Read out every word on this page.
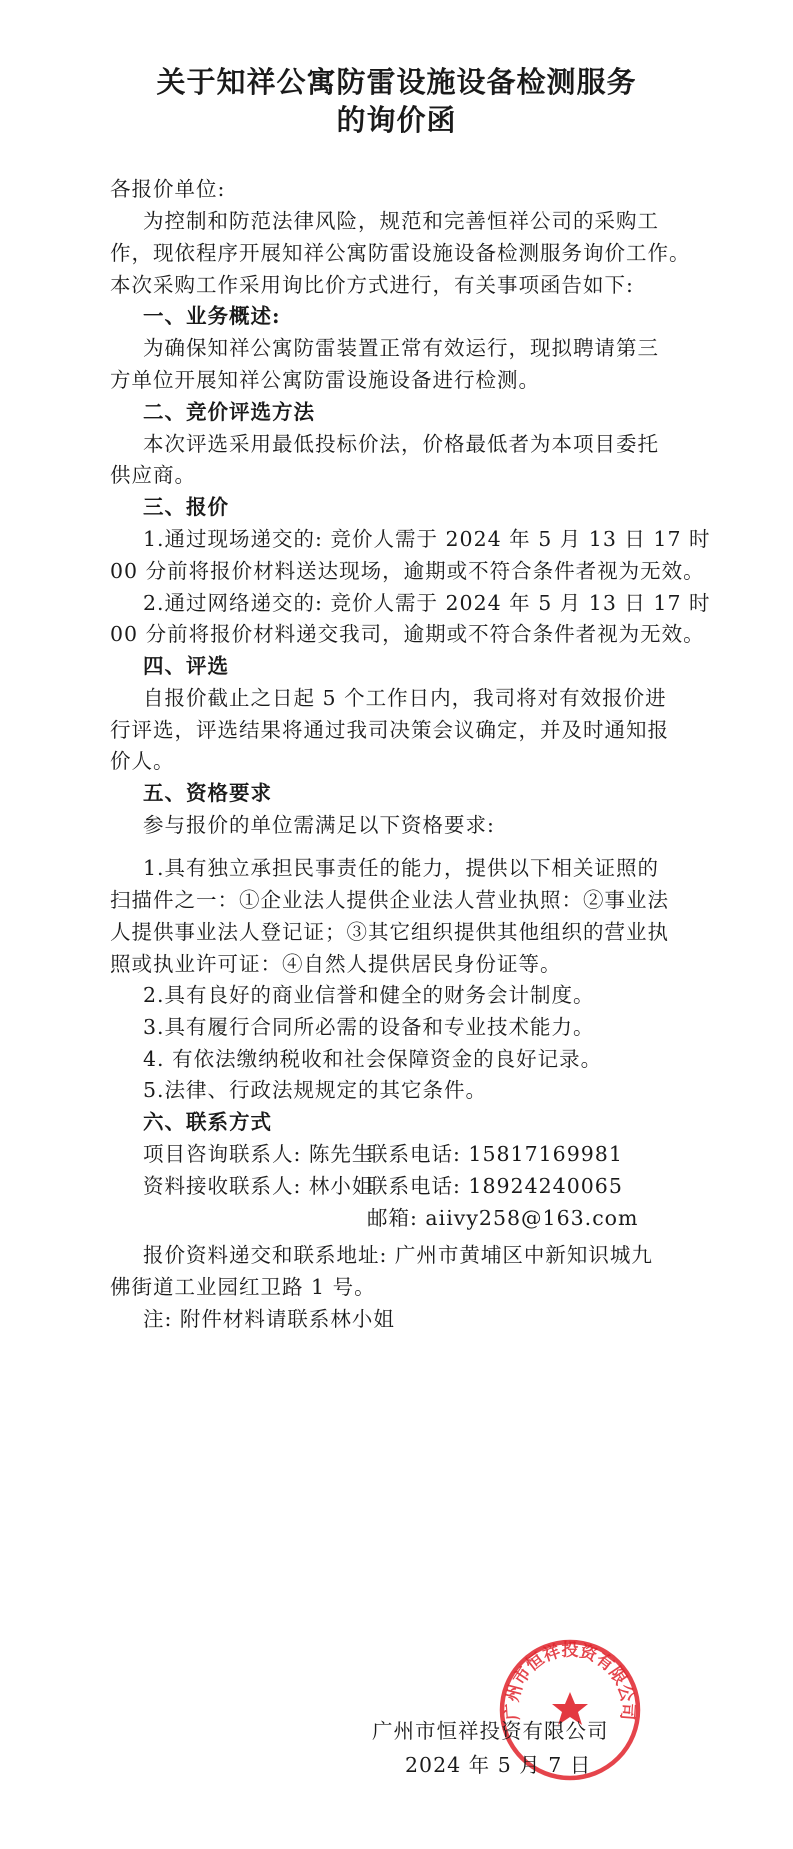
关于知祥公寓防雷设施设备检测服务
的询价函
各报价单位:
为控制和防范法律风险，规范和完善恒祥公司的采购工
作，现依程序开展知祥公寓防雷设施设备检测服务询价工作。
本次采购工作采用询比价方式进行，有关事项函告如下:
一、业务概述:
为确保知祥公寓防雷装置正常有效运行，现拟聘请第三
方单位开展知祥公寓防雷设施设备进行检测。
二、竞价评选方法
本次评选采用最低投标价法，价格最低者为本项目委托
供应商。
三、报价
1.通过现场递交的: 竞价人需于 2024 年 5 月 13 日 17 时
00 分前将报价材料送达现场，逾期或不符合条件者视为无效。
2.通过网络递交的: 竞价人需于 2024 年 5 月 13 日 17 时
00 分前将报价材料递交我司，逾期或不符合条件者视为无效。
四、评选
自报价截止之日起 5 个工作日内，我司将对有效报价进
行评选，评选结果将通过我司决策会议确定，并及时通知报
价人。
五、资格要求
参与报价的单位需满足以下资格要求:
1.具有独立承担民事责任的能力，提供以下相关证照的
扫描件之一：①企业法人提供企业法人营业执照：②事业法
人提供事业法人登记证；③其它组织提供其他组织的营业执
照或执业许可证：④自然人提供居民身份证等。
2.具有良好的商业信誉和健全的财务会计制度。
3.具有履行合同所必需的设备和专业技术能力。
4. 有依法缴纳税收和社会保障资金的良好记录。
5.法律、行政法规规定的其它条件。
六、联系方式
项目咨询联系人: 陈先生
联系电话: 15817169981
资料接收联系人: 林小姐
联系电话: 18924240065
邮箱: aiivy258@163.com
报价资料递交和联系地址: 广州市黄埔区中新知识城九
佛街道工业园红卫路 1 号。
注: 附件材料请联系林小姐
广州市恒祥投资有限公司
广州市恒祥投资有限公司
2024 年 5 月 7 日
